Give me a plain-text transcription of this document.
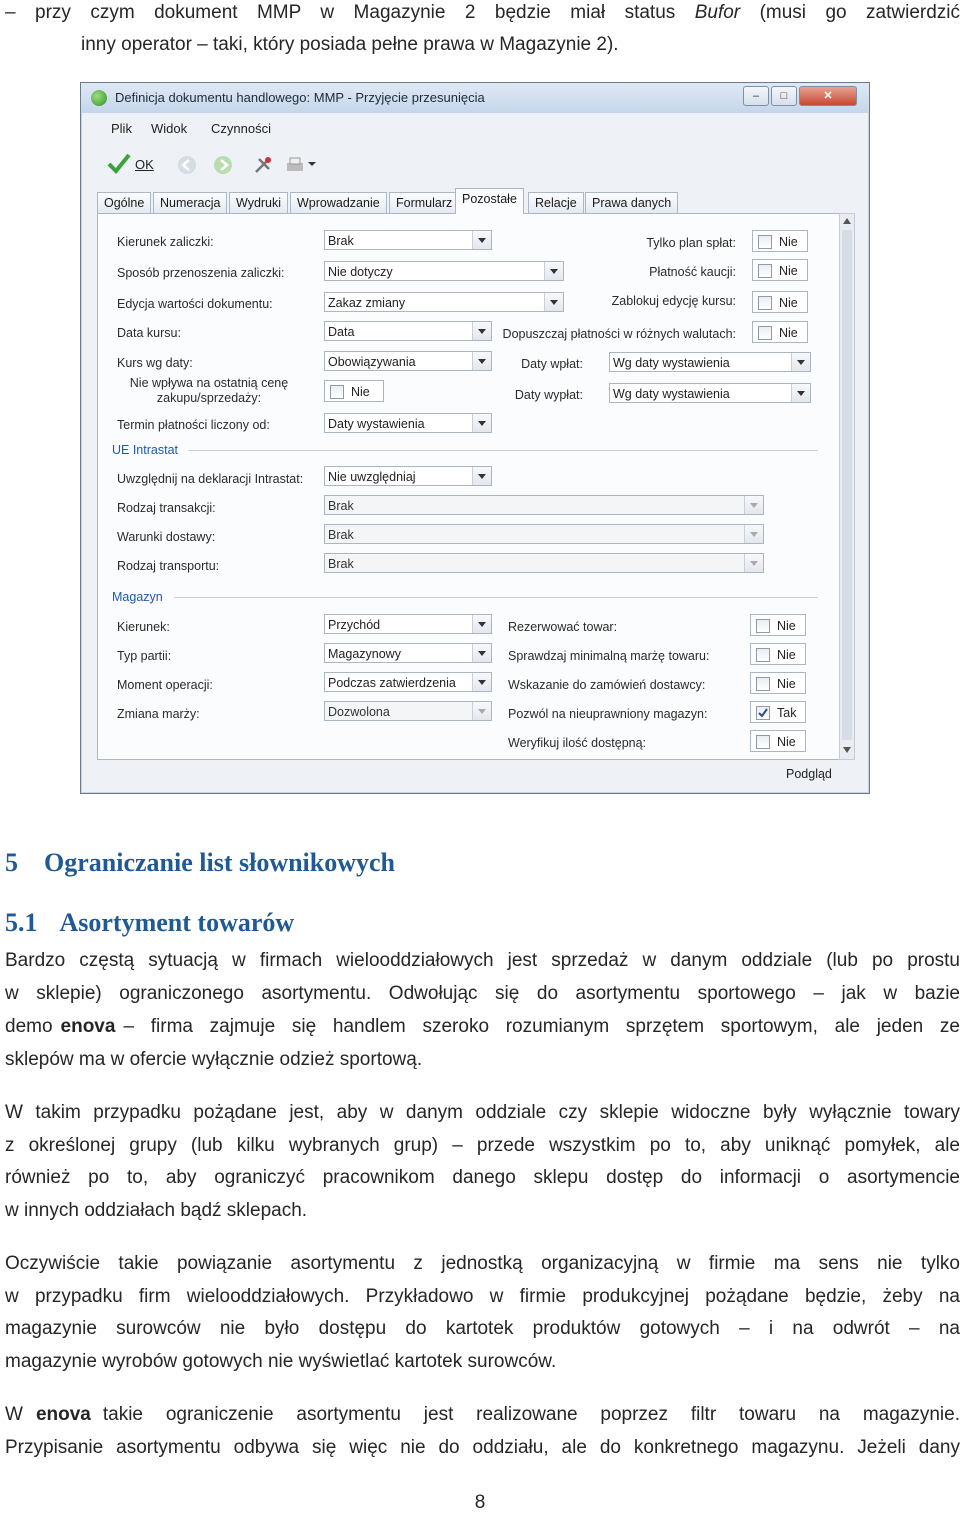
– przy czym dokument MMP w Magazynie 2 będzie miał status Bufor (musi go zatwierdzić
inny operator – taki, który posiada pełne prawa w Magazynie 2).
Definicja dokumentu handlowego: MMP - Przyjęcie przesunięcia	–	□	✕
Plik Widok Czynności
OK
Ogólne	Numeracja	Wydruki	Wprowadzanie	Formularz Pozostałe	Relacje	Prawa danych
Kierunek zaliczki:	Brak
Sposób przenoszenia zaliczki:	Nie dotyczy
Edycja wartości dokumentu:	Zakaz zmiany
Data kursu:	Data
Kurs wg daty:	Obowiązywania
Nie wpływa na ostatnią cenę zakupu/sprzedaży:	Nie
Termin płatności liczony od:	Daty wystawienia
Tylko plan spłat:	Nie
Płatność kaucji:	Nie
Zablokuj edycję kursu:	Nie
Dopuszczaj płatności w różnych walutach:	Nie
Daty wpłat:	Wg daty wystawienia
Daty wypłat:	Wg daty wystawienia
UE Intrastat
Uwzględnij na deklaracji Intrastat:	Nie uwzględniaj
Rodzaj transakcji:	Brak
Warunki dostawy:	Brak
Rodzaj transportu:	Brak
Magazyn
Kierunek:	Przychód
Typ partii:	Magazynowy
Moment operacji:	Podczas zatwierdzenia
Zmiana marży:	Dozwolona
Rezerwować towar:	Nie
Sprawdzaj minimalną marżę towaru:	Nie
Wskazanie do zamówień dostawcy:	Nie
Pozwól na nieuprawniony magazyn:	Tak
Weryfikuj ilość dostępną:	Nie
Podgląd
5 Ograniczanie list słownikowych
5.1 Asortyment towarów
Bardzo częstą sytuacją w firmach wielooddziałowych jest sprzedaż w danym oddziale (lub po prostu
w sklepie) ograniczonego asortymentu. Odwołując się do asortymentu sportowego – jak w bazie
demo enova – firma zajmuje się handlem szeroko rozumianym sprzętem sportowym, ale jeden ze
sklepów ma w ofercie wyłącznie odzież sportową.
W takim przypadku pożądane jest, aby w danym oddziale czy sklepie widoczne były wyłącznie towary
z określonej grupy (lub kilku wybranych grup) – przede wszystkim po to, aby uniknąć pomyłek, ale
również po to, aby ograniczyć pracownikom danego sklepu dostęp do informacji o asortymencie
w innych oddziałach bądź sklepach.
Oczywiście takie powiązanie asortymentu z jednostką organizacyjną w firmie ma sens nie tylko
w przypadku firm wielooddziałowych. Przykładowo w firmie produkcyjnej pożądane będzie, żeby na
magazynie surowców nie było dostępu do kartotek produktów gotowych – i na odwrót – na
magazynie wyrobów gotowych nie wyświetlać kartotek surowców.
W enova takie ograniczenie asortymentu jest realizowane poprzez filtr towaru na magazynie.
Przypisanie asortymentu odbywa się więc nie do oddziału, ale do konkretnego magazynu. Jeżeli dany
8
